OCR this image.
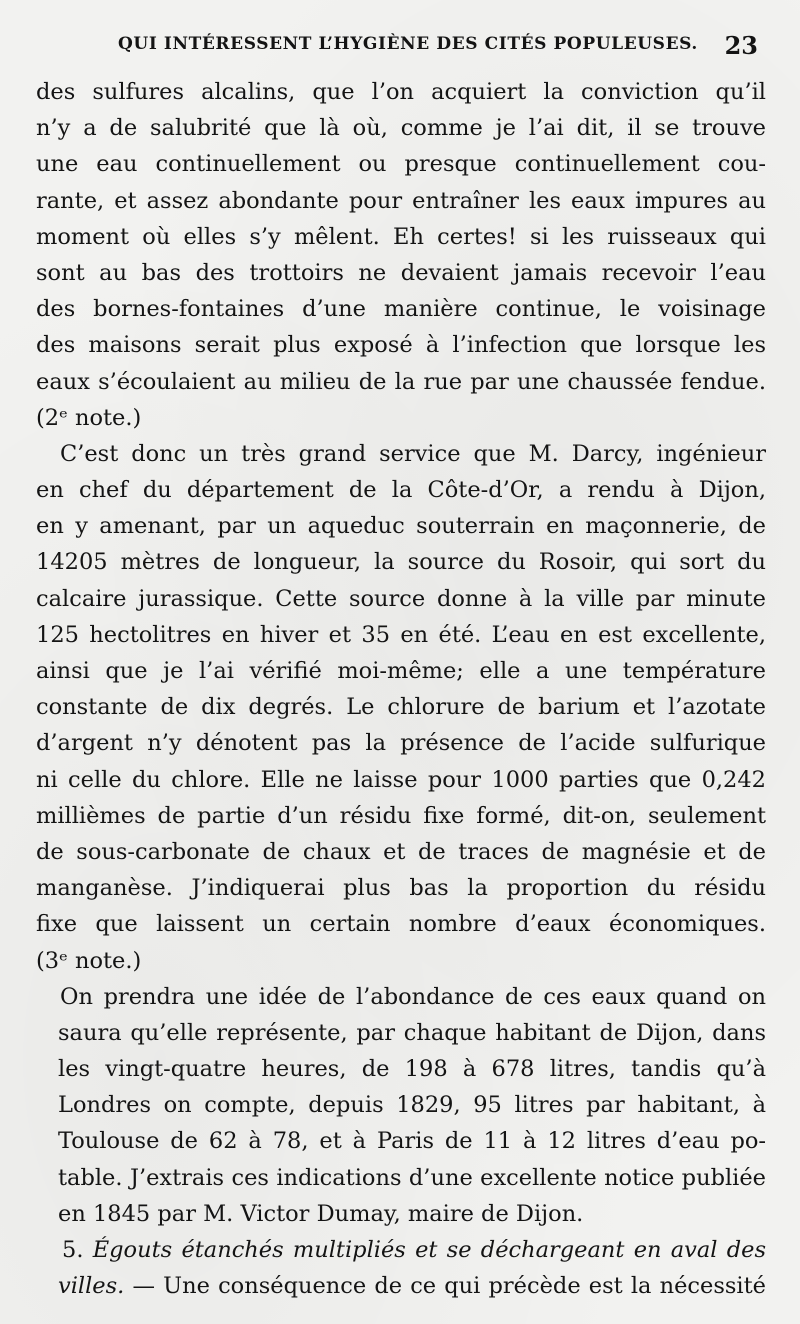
QUI INTÉRESSENT L’HYGIÈNE DES CITÉS POPULEUSES. 23
des sulfures alcalins, que l’on acquiert la conviction qu’il
n’y a de salubrité que là où, comme je l’ai dit, il se trouve
une eau continuellement ou presque continuellement cou-
rante, et assez abondante pour entraîner les eaux impures au
moment où elles s’y mêlent. Eh certes! si les ruisseaux qui
sont au bas des trottoirs ne devaient jamais recevoir l’eau
des bornes-fontaines d’une manière continue, le voisinage
des maisons serait plus exposé à l’infection que lorsque les
eaux s’écoulaient au milieu de la rue par une chaussée fendue.
(2ᵉ note.)
C’est donc un très grand service que M. Darcy, ingénieur
en chef du département de la Côte-d’Or, a rendu à Dijon,
en y amenant, par un aqueduc souterrain en maçonnerie, de
14205 mètres de longueur, la source du Rosoir, qui sort du
calcaire jurassique. Cette source donne à la ville par minute
125 hectolitres en hiver et 35 en été. L’eau en est excellente,
ainsi que je l’ai vérifié moi-même; elle a une température
constante de dix degrés. Le chlorure de barium et l’azotate
d’argent n’y dénotent pas la présence de l’acide sulfurique
ni celle du chlore. Elle ne laisse pour 1000 parties que 0,242
millièmes de partie d’un résidu fixe formé, dit-on, seulement
de sous-carbonate de chaux et de traces de magnésie et de
manganèse. J’indiquerai plus bas la proportion du résidu
fixe que laissent un certain nombre d’eaux économiques.
(3ᵉ note.)
On prendra une idée de l’abondance de ces eaux quand on
saura qu’elle représente, par chaque habitant de Dijon, dans
les vingt-quatre heures, de 198 à 678 litres, tandis qu’à
Londres on compte, depuis 1829, 95 litres par habitant, à
Toulouse de 62 à 78, et à Paris de 11 à 12 litres d’eau po-
table. J’extrais ces indications d’une excellente notice publiée
en 1845 par M. Victor Dumay, maire de Dijon.
5. Égouts étanchés multipliés et se déchargeant en aval des
villes. — Une conséquence de ce qui précède est la nécessité
